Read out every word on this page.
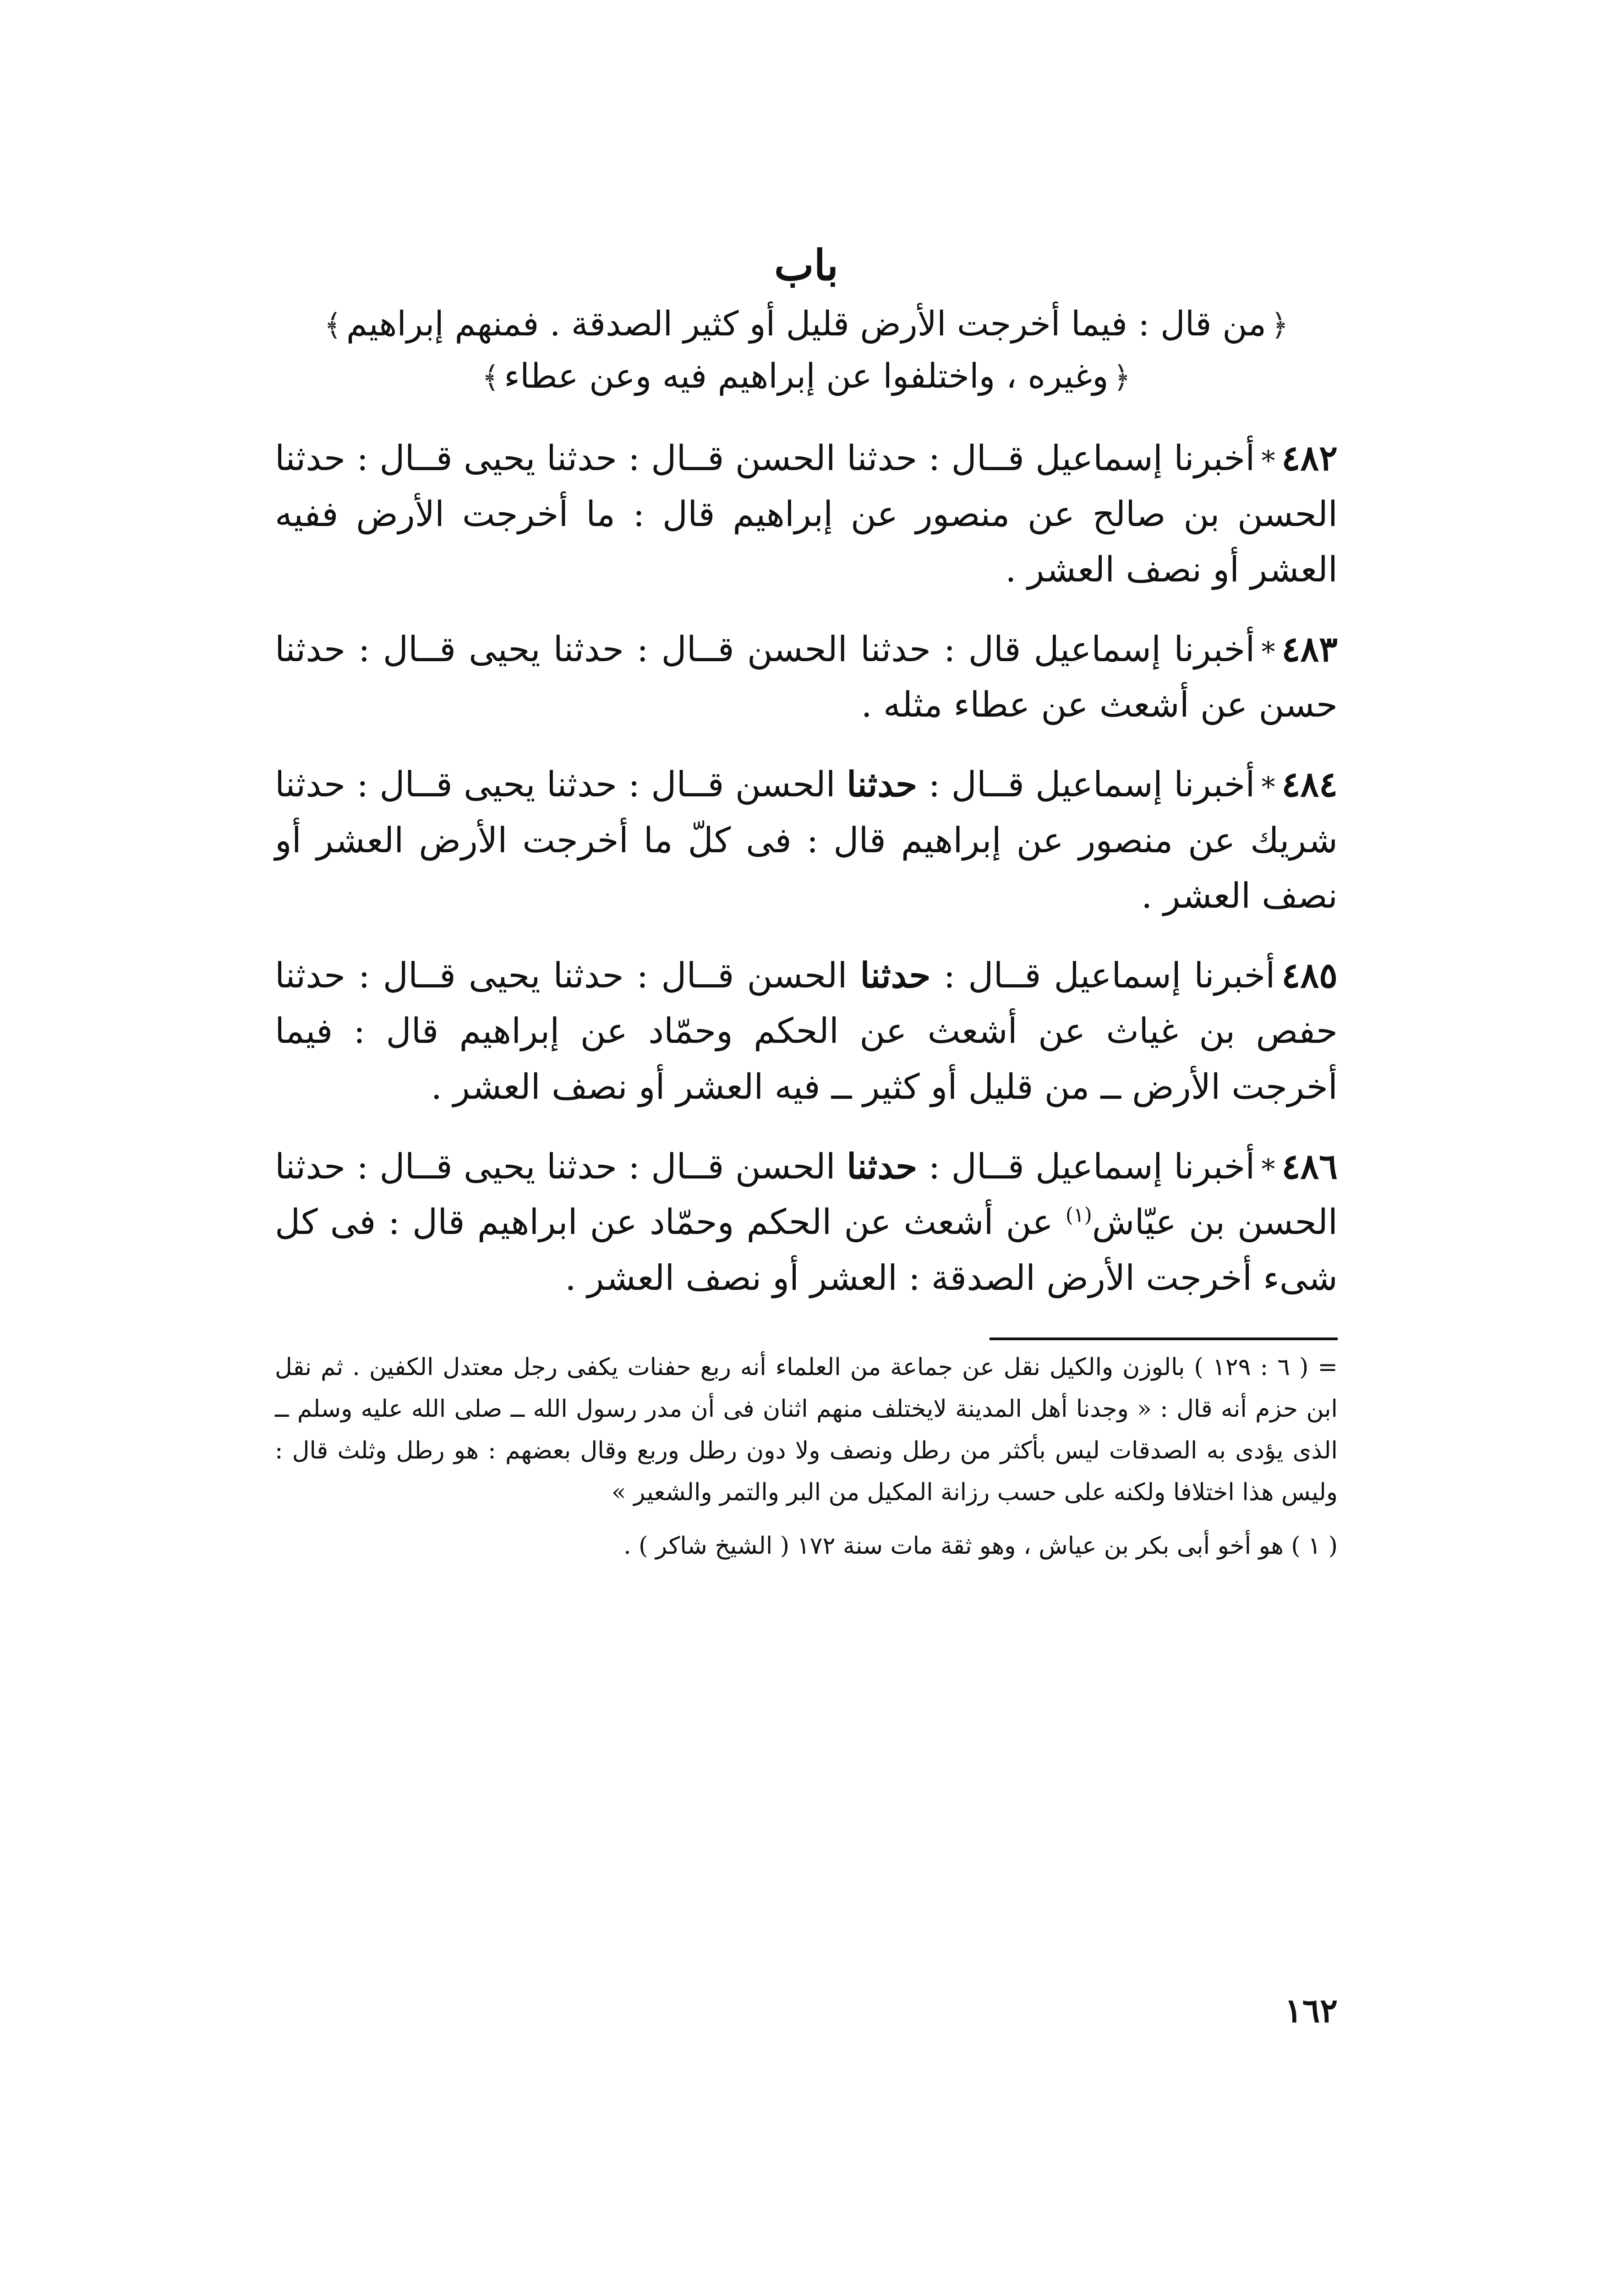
باب
﴿من قال : فيما أخرجت الأرض قليل أو كثير الصدقة . فمنهم إبراهيم﴾
﴿وغيره ، واختلفوا عن إبراهيم فيه وعن عطاء﴾

٤٨٢*أخبرنا إسماعيل قــال : حدثنا الحسن قــال : حدثنا يحيى قــال : حدثنا الحسن بن صالح عن منصور عن إبراهيم قال : ما أخرجت الأرض ففيه العشر أو نصف العشر .

٤٨٣*أخبرنا إسماعيل قال : حدثنا الحسن قــال : حدثنا يحيى قــال : حدثنا حسن عن أشعث عن عطاء مثله .

٤٨٤*أخبرنا إسماعيل قــال : حدثنا الحسن قــال : حدثنا يحيى قــال : حدثنا شريك عن منصور عن إبراهيم قال : فى كلّ ما أخرجت الأرض العشر أو نصف العشر .

٤٨٥أخبرنا إسماعيل قــال : حدثنا الحسن قــال : حدثنا يحيى قــال : حدثنا حفص بن غياث عن أشعث عن الحكم وحمّاد عن إبراهيم قال : فيما أخرجت الأرض ــ من قليل أو كثير ــ فيه العشر أو نصف العشر .

٤٨٦*أخبرنا إسماعيل قــال : حدثنا الحسن قــال : حدثنا يحيى قــال : حدثنا الحسن بن عيّاش$^{(١)}$ عن أشعث عن الحكم وحمّاد عن ابراهيم قال : فى كل شىء أخرجت الأرض الصدقة : العشر أو نصف العشر .

= ( ٦ : ١٢٩ ) بالوزن والكيل نقل عن جماعة من العلماء أنه ربع حفنات يكفى رجل معتدل الكفين . ثم نقل ابن حزم أنه قال : « وجدنا أهل المدينة لايختلف منهم اثنان فى أن مدر رسول الله ــ صلى الله عليه وسلم ــ الذى يؤدى به الصدقات ليس بأكثر من رطل ونصف ولا دون رطل وربع وقال بعضهم : هو رطل وثلث قال : وليس هذا اختلافا ولكنه على حسب رزانة المكيل من البر والتمر والشعير »

( ١ ) هو أخو أبى بكر بن عياش ، وهو ثقة مات سنة ١٧٢ ( الشيخ شاكر ) .

١٦٢
